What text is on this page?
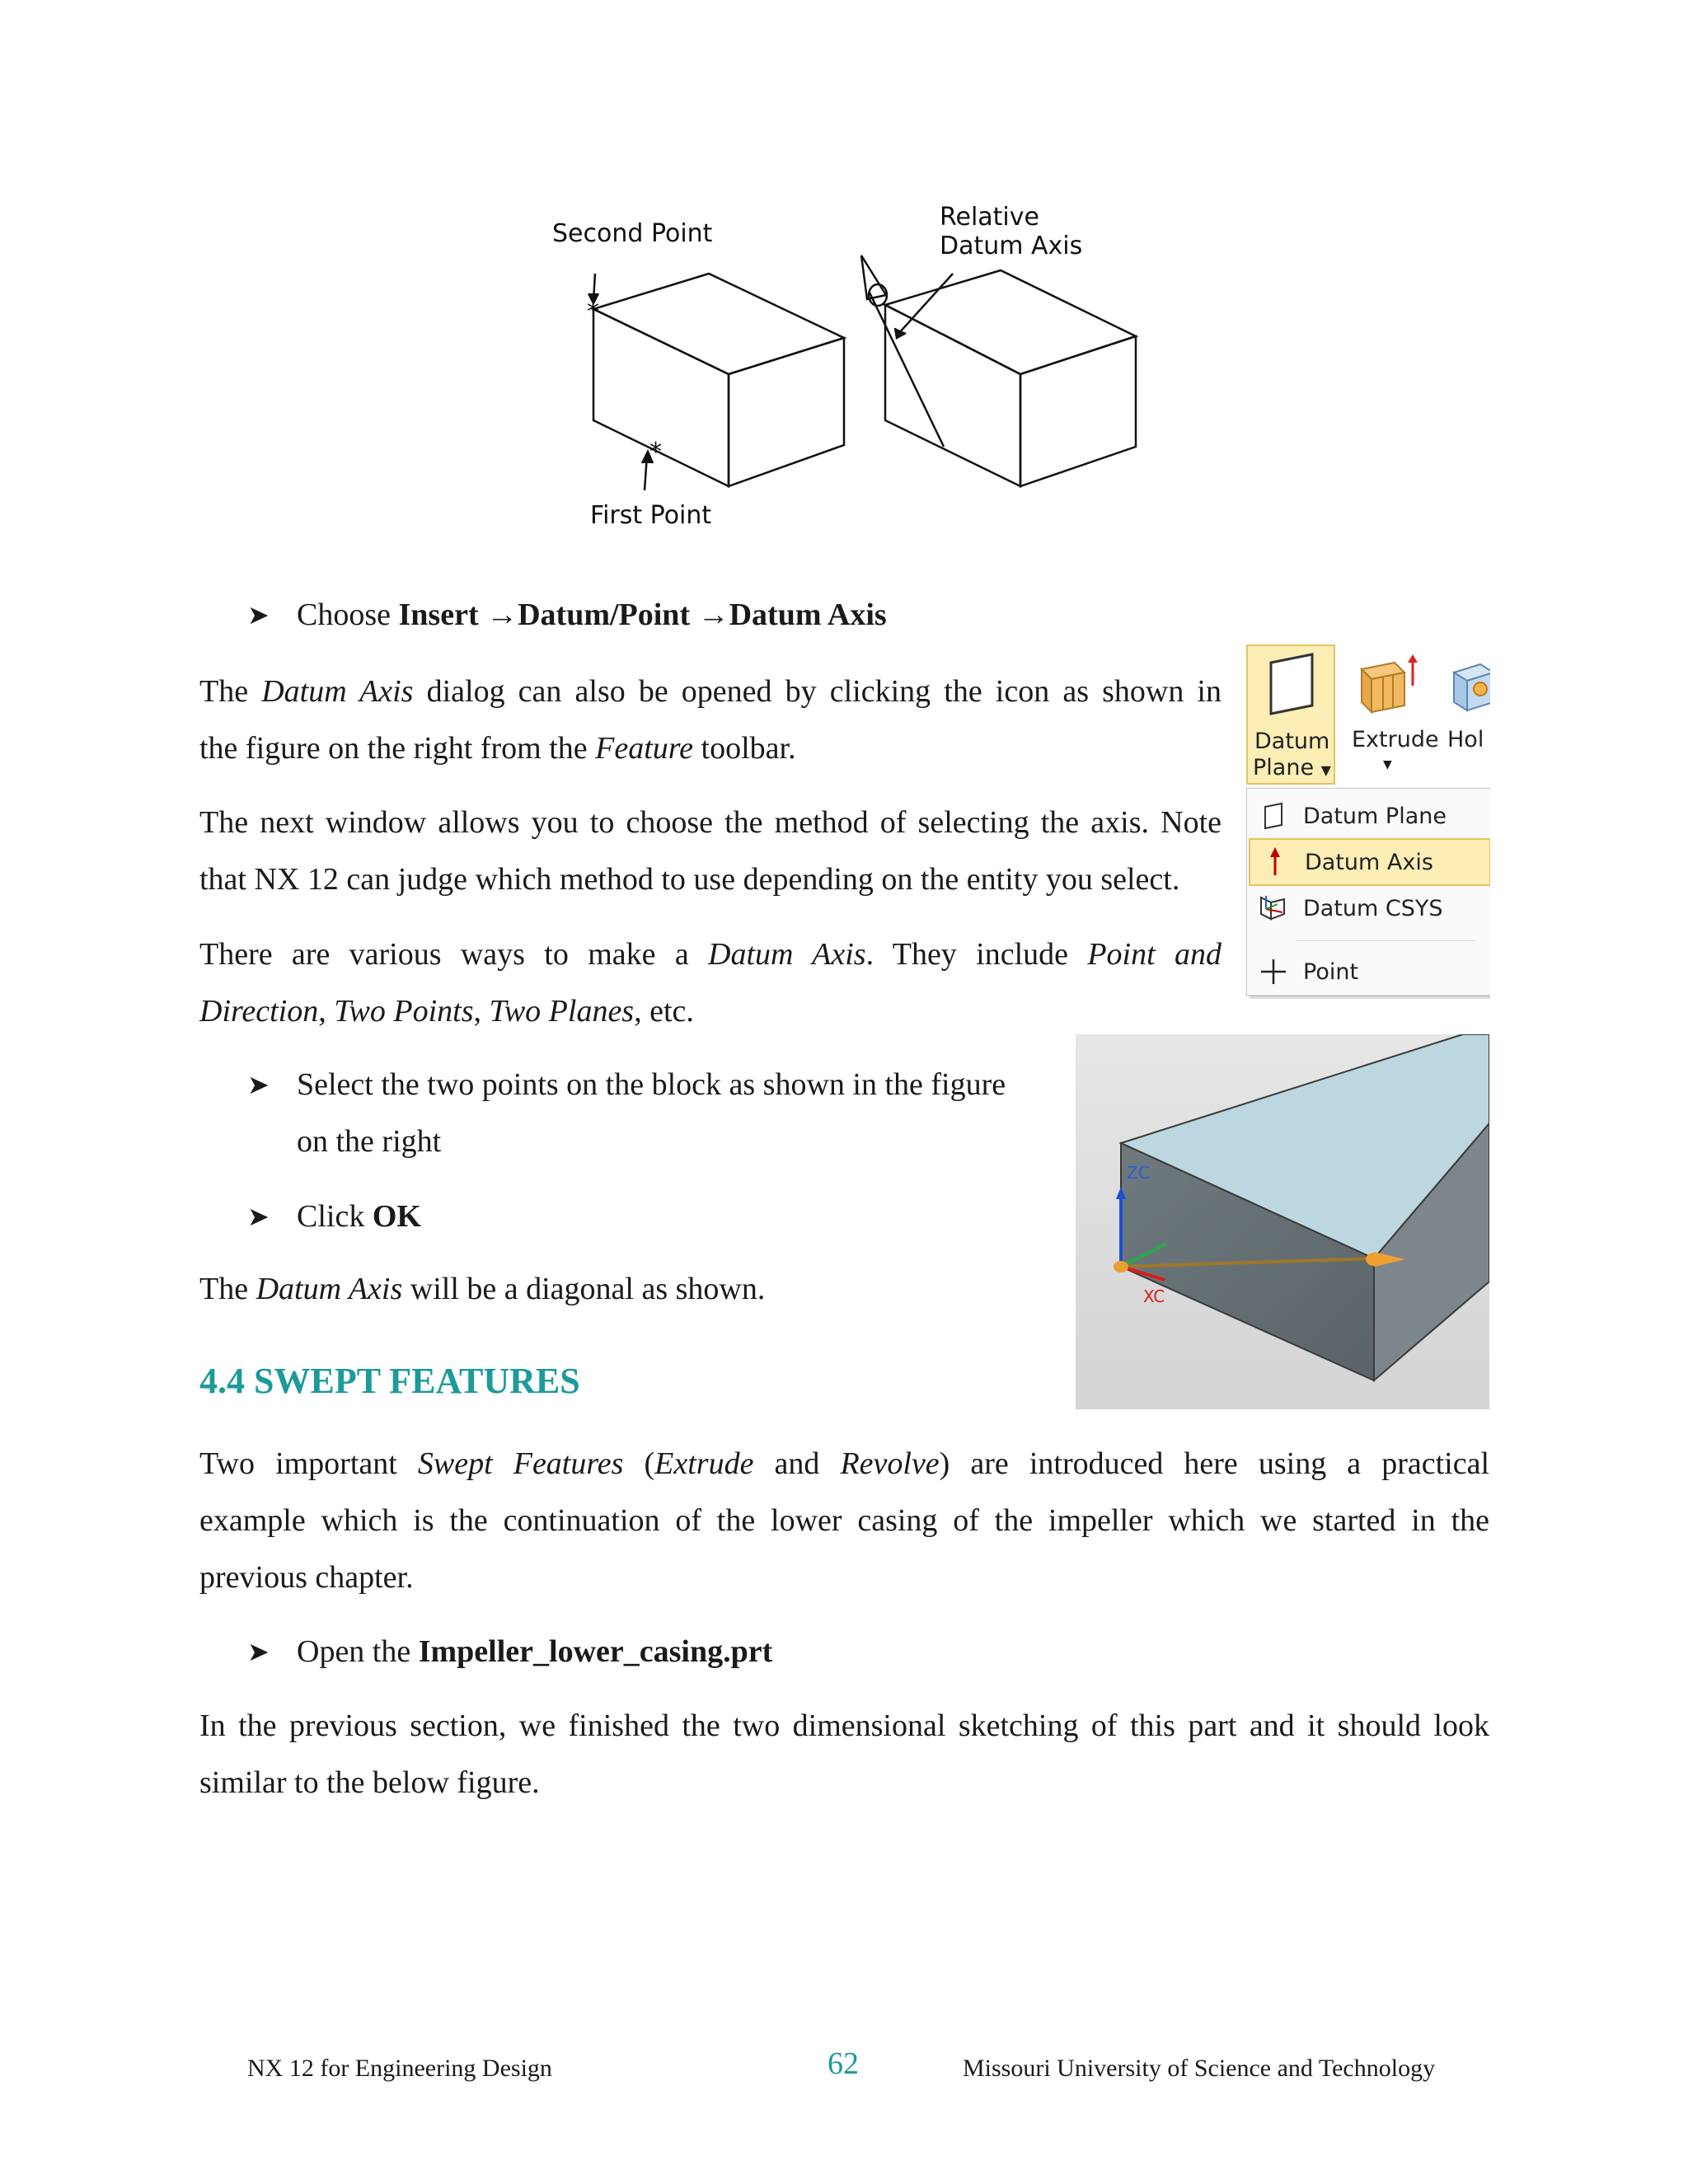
Second Point
First Point
*
*
Relative
Datum Axis
➤ Choose Insert →Datum/Point →Datum Axis

The Datum Axis dialog can also be opened by clicking the icon as shown in

the figure on the right from the Feature toolbar.

The next window allows you to choose the method of selecting the axis. Note

that NX 12 can judge which method to use depending on the entity you select.

There are various ways to make a Datum Axis. They include Point and

Direction, Two Points, Two Planes, etc.

Datum
Plane ▼
Extrude
▼
Hol
Datum Plane
Datum Axis
Datum CSYS
Point
➤ Select the two points on the block as shown in the figure
on the right
➤ Click OK
The Datum Axis will be a diagonal as shown.
ZC
XC
4.4 SWEPT FEATURES

Two important Swept Features (Extrude and Revolve) are introduced here using a practical

example which is the continuation of the lower casing of the impeller which we started in the

previous chapter.

➤ Open the Impeller_lower_casing.prt

In the previous section, we finished the two dimensional sketching of this part and it should look

similar to the below figure.

NX 12 for Engineering Design	62	Missouri University of Science and Technology
